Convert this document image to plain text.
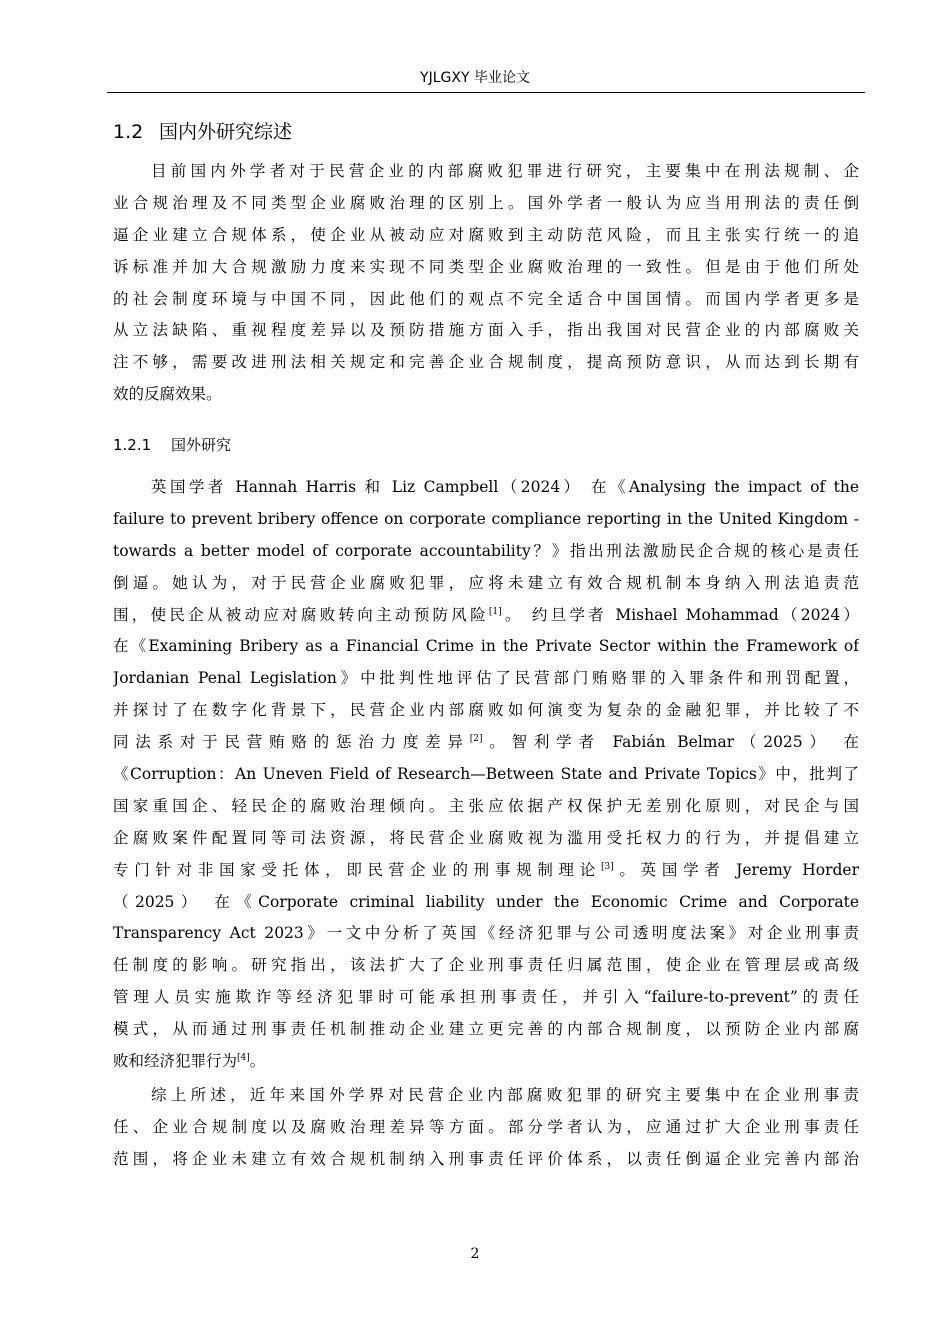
YJLGXY 毕业论文
1.2 国内外研究综述
目前国内外学者对于民营企业的内部腐败犯罪进行研究，主要集中在刑法规制、企
业合规治理及不同类型企业腐败治理的区别上。国外学者一般认为应当用刑法的责任倒
逼企业建立合规体系，使企业从被动应对腐败到主动防范风险，而且主张实行统一的追
诉标准并加大合规激励力度来实现不同类型企业腐败治理的一致性。但是由于他们所处
的社会制度环境与中国不同，因此他们的观点不完全适合中国国情。而国内学者更多是
从立法缺陷、重视程度差异以及预防措施方面入手，指出我国对民营企业的内部腐败关
注不够，需要改进刑法相关规定和完善企业合规制度，提高预防意识，从而达到长期有
效的反腐效果。
1.2.1 国外研究
英国学者 Hannah Harris 和 Liz Campbell（2024） 在《Analysing the impact of the
failure to prevent bribery offence on corporate compliance reporting in the United Kingdom -
towards a better model of corporate accountability？》指出刑法激励民企合规的核心是责任
倒逼。她认为，对于民营企业腐败犯罪，应将未建立有效合规机制本身纳入刑法追责范
围，使民企从被动应对腐败转向主动预防风险[1]。 约旦学者 Mishael Mohammad（2024）
在《Examining Bribery as a Financial Crime in the Private Sector within the Framework of
Jordanian Penal Legislation》中批判性地评估了民营部门贿赂罪的入罪条件和刑罚配置，
并探讨了在数字化背景下，民营企业内部腐败如何演变为复杂的金融犯罪，并比较了不
同法系对于民营贿赂的惩治力度差异[2]。智利学者 Fabián Belmar（2025） 在
《Corruption：An Uneven Field of Research—Between State and Private Topics》中，批判了
国家重国企、轻民企的腐败治理倾向。主张应依据产权保护无差别化原则，对民企与国
企腐败案件配置同等司法资源，将民营企业腐败视为滥用受托权力的行为，并提倡建立
专门针对非国家受托体，即民营企业的刑事规制理论[3]。英国学者 Jeremy Horder
（2025） 在《Corporate criminal liability under the Economic Crime and Corporate
Transparency Act 2023》一文中分析了英国《经济犯罪与公司透明度法案》对企业刑事责
任制度的影响。研究指出，该法扩大了企业刑事责任归属范围，使企业在管理层或高级
管理人员实施欺诈等经济犯罪时可能承担刑事责任，并引入“failure-to-prevent”的责任
模式，从而通过刑事责任机制推动企业建立更完善的内部合规制度，以预防企业内部腐
败和经济犯罪行为[4]。
综上所述，近年来国外学界对民营企业内部腐败犯罪的研究主要集中在企业刑事责
任、企业合规制度以及腐败治理差异等方面。部分学者认为，应通过扩大企业刑事责任
范围，将企业未建立有效合规机制纳入刑事责任评价体系，以责任倒逼企业完善内部治
2
